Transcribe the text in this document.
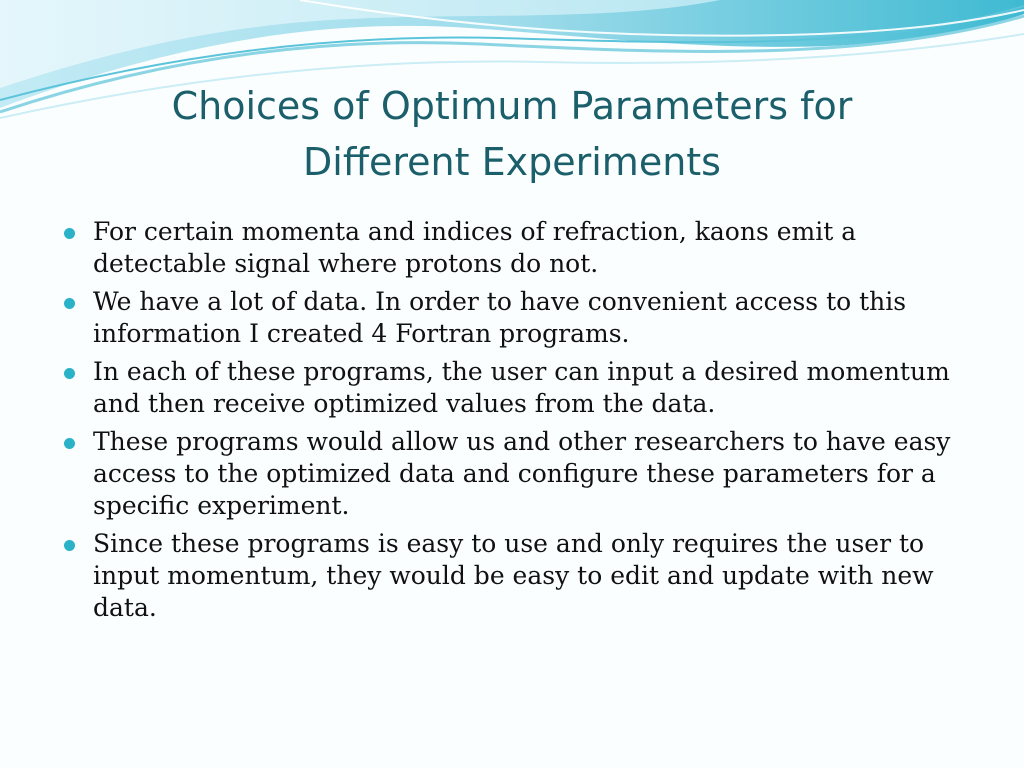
Choices of Optimum Parameters for
Different Experiments
For certain momenta and indices of refraction, kaons emit a detectable signal where protons do not.
We have a lot of data. In order to have convenient access to this information I created 4 Fortran programs.
In each of these programs, the user can input a desired momentum and then receive optimized values from the data.
These programs would allow us and other researchers to have easy access to the optimized data and configure these parameters for a specific experiment.
Since these programs is easy to use and only requires the user to input momentum, they would be easy to edit and update with new data.
